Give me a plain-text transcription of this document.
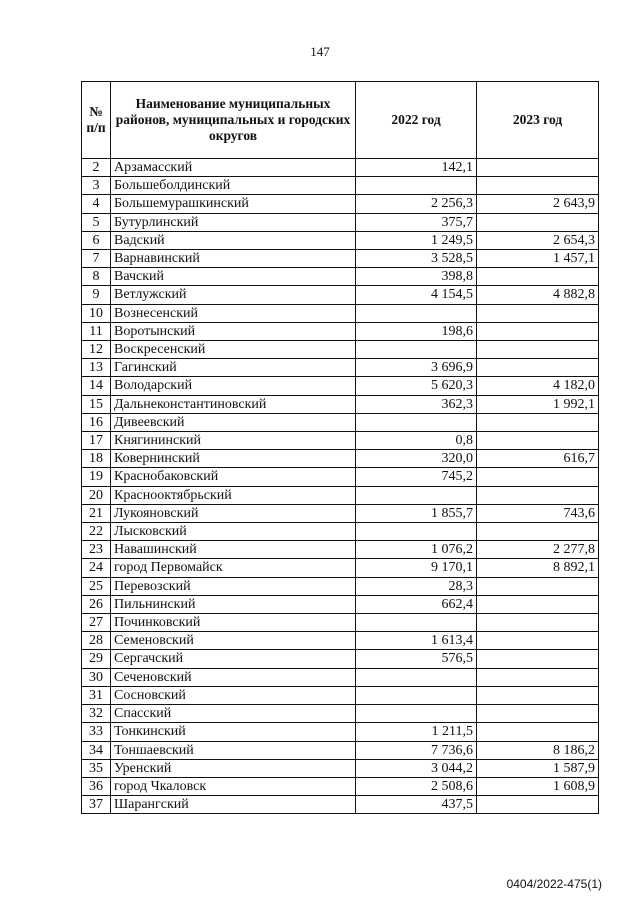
147
№ п/п	Наименование муниципальных районов, муниципальных и городских округов	2022 год	2023 год
2	Арзамасский	142,1	
3	Большеболдинский		
4	Большемурашкинский	2 256,3	2 643,9
5	Бутурлинский	375,7	
6	Вадский	1 249,5	2 654,3
7	Варнавинский	3 528,5	1 457,1
8	Вачский	398,8	
9	Ветлужский	4 154,5	4 882,8
10	Вознесенский		
11	Воротынский	198,6	
12	Воскресенский		
13	Гагинский	3 696,9	
14	Володарский	5 620,3	4 182,0
15	Дальнеконстантиновский	362,3	1 992,1
16	Дивеевский		
17	Княгининский	0,8	
18	Ковернинский	320,0	616,7
19	Краснобаковский	745,2	
20	Краснооктябрьский		
21	Лукояновский	1 855,7	743,6
22	Лысковский		
23	Навашинский	1 076,2	2 277,8
24	город Первомайск	9 170,1	8 892,1
25	Перевозский	28,3	
26	Пильнинский	662,4	
27	Починковский		
28	Семеновский	1 613,4	
29	Сергачский	576,5	
30	Сеченовский		
31	Сосновский		
32	Спасский		
33	Тонкинский	1 211,5	
34	Тоншаевский	7 736,6	8 186,2
35	Уренский	3 044,2	1 587,9
36	город Чкаловск	2 508,6	1 608,9
37	Шарангский	437,5	
0404/2022-475(1)
